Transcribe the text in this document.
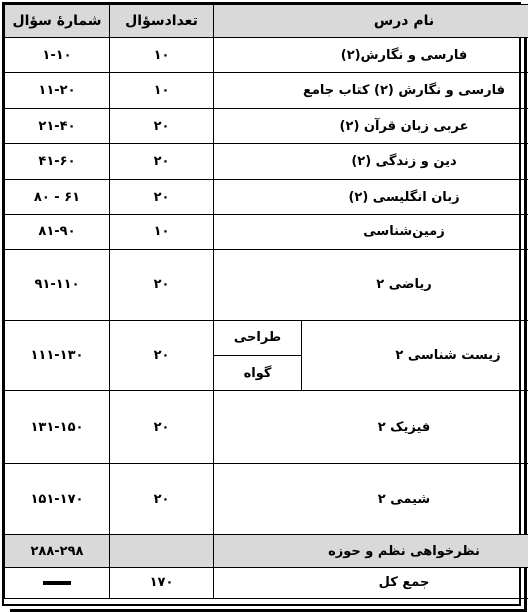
نام درس		تعدادسؤال	شمارهٔ سؤال
فارسی و نگارش(۲)		۱۰	۱-۱۰
فارسی و نگارش (۲) کتاب جامع		۱۰	۱۱-۲۰
عربی زبان قرآن (۲)		۲۰	۲۱-۴۰
دین و زندگی (۲)		۲۰	۴۱-۶۰
زبان انگلیسی (۲)		۲۰	۶۱ - ۸۰
زمین‌شناسی		۱۰	۸۱-۹۰
ریاضی ۲		۲۰	۹۱-۱۱۰
زیست شناسی ۲	طراحی	۲۰	۱۱۱-۱۳۰
	گواه		
فیزیک ۲		۲۰	۱۳۱-۱۵۰
شیمی ۲		۲۰	۱۵۱-۱۷۰
نظرخواهی نظم و حوزه			۲۸۸-۲۹۸
جمع کل		۱۷۰	
